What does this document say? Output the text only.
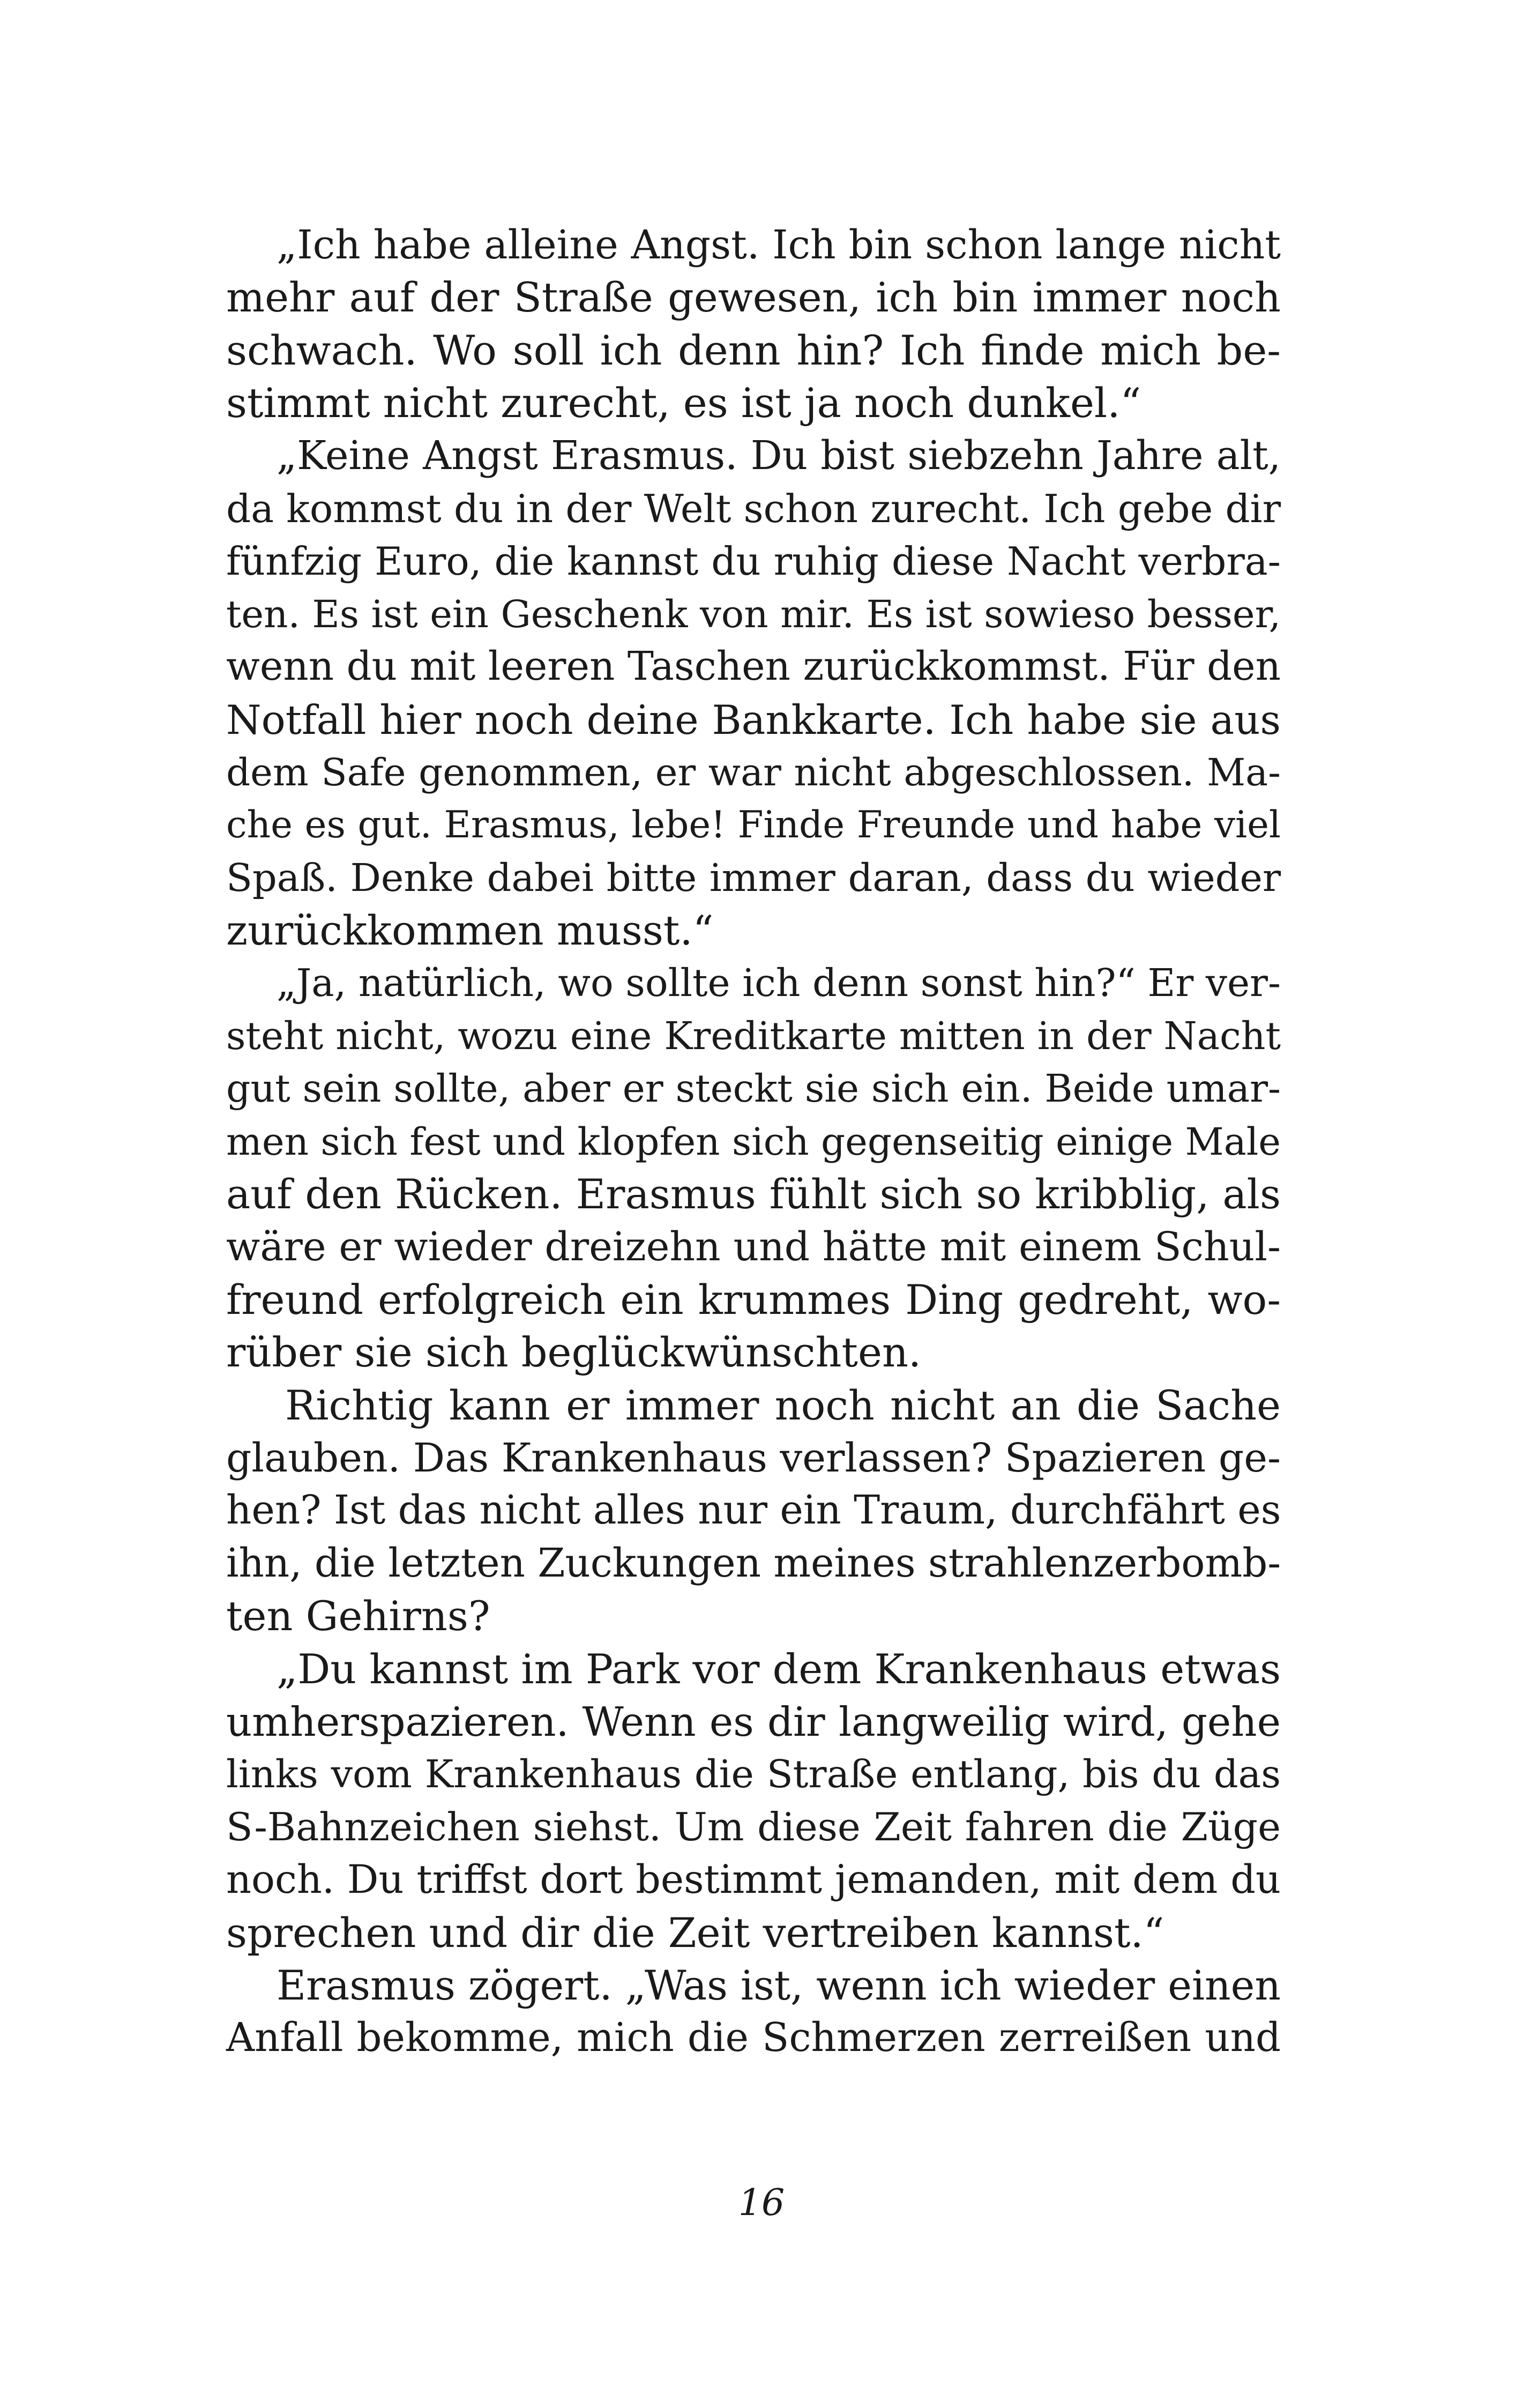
„Ich habe alleine Angst. Ich bin schon lange nicht
mehr auf der Straße gewesen, ich bin immer noch
schwach. Wo soll ich denn hin? Ich finde mich be-
stimmt nicht zurecht, es ist ja noch dunkel.“
„Keine Angst Erasmus. Du bist siebzehn Jahre alt,
da kommst du in der Welt schon zurecht. Ich gebe dir
fünfzig Euro, die kannst du ruhig diese Nacht verbra-
ten. Es ist ein Geschenk von mir. Es ist sowieso besser,
wenn du mit leeren Taschen zurückkommst. Für den
Notfall hier noch deine Bankkarte. Ich habe sie aus
dem Safe genommen, er war nicht abgeschlossen. Ma-
che es gut. Erasmus, lebe! Finde Freunde und habe viel
Spaß. Denke dabei bitte immer daran, dass du wieder
zurückkommen musst.“
„Ja, natürlich, wo sollte ich denn sonst hin?“ Er ver-
steht nicht, wozu eine Kreditkarte mitten in der Nacht
gut sein sollte, aber er steckt sie sich ein. Beide umar-
men sich fest und klopfen sich gegenseitig einige Male
auf den Rücken. Erasmus fühlt sich so kribblig, als
wäre er wieder dreizehn und hätte mit einem Schul-
freund erfolgreich ein krummes Ding gedreht, wo-
rüber sie sich beglückwünschten.
Richtig kann er immer noch nicht an die Sache
glauben. Das Krankenhaus verlassen? Spazieren ge-
hen? Ist das nicht alles nur ein Traum, durchfährt es
ihn, die letzten Zuckungen meines strahlenzerbomb-
ten Gehirns?
„Du kannst im Park vor dem Krankenhaus etwas
umherspazieren. Wenn es dir langweilig wird, gehe
links vom Krankenhaus die Straße entlang, bis du das
S-Bahnzeichen siehst. Um diese Zeit fahren die Züge
noch. Du triffst dort bestimmt jemanden, mit dem du
sprechen und dir die Zeit vertreiben kannst.“
Erasmus zögert. „Was ist, wenn ich wieder einen
Anfall bekomme, mich die Schmerzen zerreißen und
16
